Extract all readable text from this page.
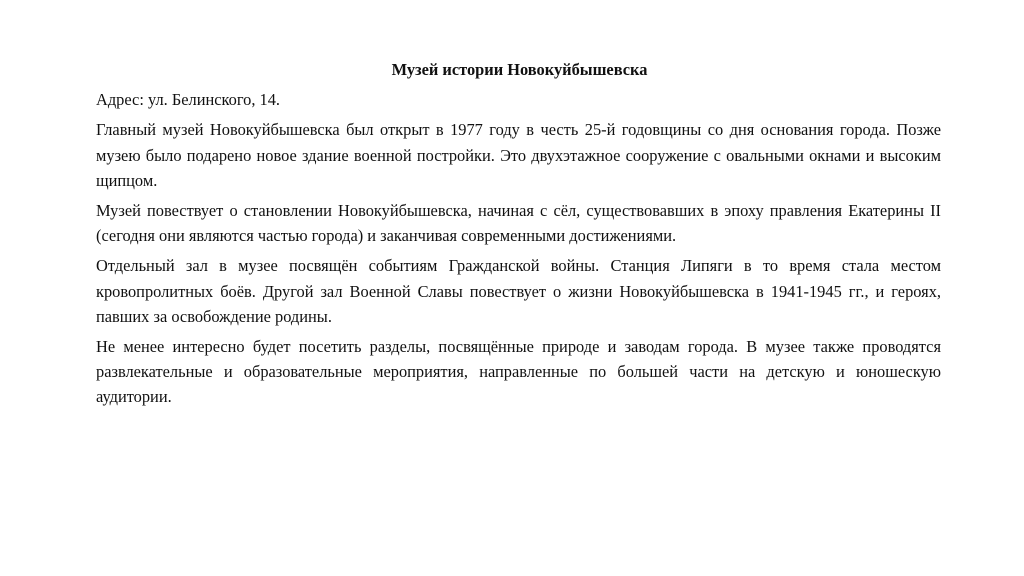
Музей истории Новокуйбышевска

Адрес: ул. Белинского, 14.

Главный музей Новокуйбышевска был открыт в 1977 году в честь 25-й годовщины со дня основания города. Позже музею было подарено новое здание военной постройки. Это двухэтажное сооружение с овальными окнами и высоким щипцом.

Музей повествует о становлении Новокуйбышевска, начиная с сёл, существовавших в эпоху правления Екатерины II (сегодня они являются частью города) и заканчивая современными достижениями.

Отдельный зал в музее посвящён событиям Гражданской войны. Станция Липяги в то время стала местом кровопролитных боёв. Другой зал Военной Славы повествует о жизни Новокуйбышевска в 1941-1945 гг., и героях, павших за освобождение родины.

Не менее интересно будет посетить разделы, посвящённые природе и заводам города. В музее также проводятся развлекательные и образовательные мероприятия, направленные по большей части на детскую и юношескую аудитории.
